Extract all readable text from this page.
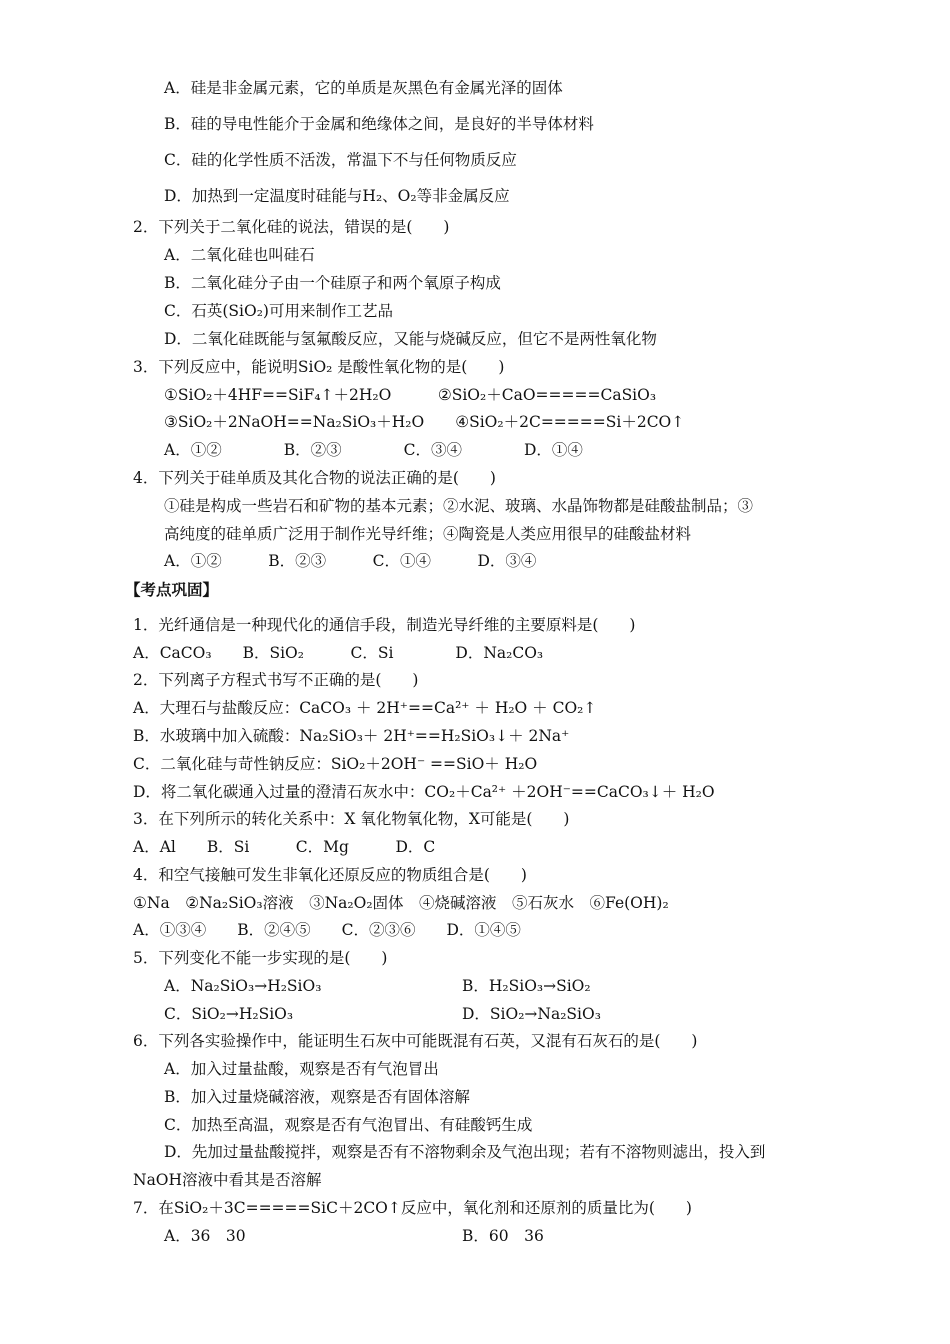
A．硅是非金属元素，它的单质是灰黑色有金属光泽的固体
B．硅的导电性能介于金属和绝缘体之间，是良好的半导体材料
C．硅的化学性质不活泼，常温下不与任何物质反应
D．加热到一定温度时硅能与H₂、O₂等非金属反应
2．下列关于二氧化硅的说法，错误的是(　　)
A．二氧化硅也叫硅石
B．二氧化硅分子由一个硅原子和两个氧原子构成
C．石英(SiO₂)可用来制作工艺品
D．二氧化硅既能与氢氟酸反应，又能与烧碱反应，但它不是两性氧化物
3．下列反应中，能说明SiO₂ 是酸性氧化物的是(　　)
①SiO₂＋4HF==SiF₄↑＋2H₂O　　　②SiO₂＋CaO=====CaSiO₃
③SiO₂＋2NaOH==Na₂SiO₃＋H₂O　　④SiO₂＋2C=====Si＋2CO↑
A．①②　　　　B．②③　　　　C．③④　　　　D．①④
4．下列关于硅单质及其化合物的说法正确的是(　　)
①硅是构成一些岩石和矿物的基本元素；②水泥、玻璃、水晶饰物都是硅酸盐制品；③
高纯度的硅单质广泛用于制作光导纤维；④陶瓷是人类应用很早的硅酸盐材料
A．①②　　　B．②③　　　C．①④　　　D．③④
【考点巩固】
1．光纤通信是一种现代化的通信手段，制造光导纤维的主要原料是(　　)
A．CaCO₃　　B．SiO₂　　　C．Si　　　　D．Na₂CO₃
2．下列离子方程式书写不正确的是(　　)
A．大理石与盐酸反应：CaCO₃ ＋ 2H⁺==Ca²⁺ ＋ H₂O ＋ CO₂↑
B．水玻璃中加入硫酸：Na₂SiO₃＋ 2H⁺==H₂SiO₃↓＋ 2Na⁺
C．二氧化硅与苛性钠反应：SiO₂＋2OH⁻ ==SiO＋ H₂O
D．将二氧化碳通入过量的澄清石灰水中：CO₂＋Ca²⁺ ＋2OH⁻==CaCO₃↓＋ H₂O
3．在下列所示的转化关系中：X 氧化物氧化物，X可能是(　　)
A．Al　　B．Si　　　C．Mg　　　D．C
4．和空气接触可发生非氧化还原反应的物质组合是(　　)
①Na　②Na₂SiO₃溶液　③Na₂O₂固体　④烧碱溶液　⑤石灰水　⑥Fe(OH)₂
A．①③④　　B．②④⑤　　C．②③⑥　　D．①④⑤
5．下列变化不能一步实现的是(　　)
A．Na₂SiO₃→H₂SiO₃	B．H₂SiO₃→SiO₂
C．SiO₂→H₂SiO₃	D．SiO₂→Na₂SiO₃
6．下列各实验操作中，能证明生石灰中可能既混有石英，又混有石灰石的是(　　)
A．加入过量盐酸，观察是否有气泡冒出
B．加入过量烧碱溶液，观察是否有固体溶解
C．加热至高温，观察是否有气泡冒出、有硅酸钙生成
D．先加过量盐酸搅拌，观察是否有不溶物剩余及气泡出现；若有不溶物则滤出，投入到
NaOH溶液中看其是否溶解
7．在SiO₂＋3C=====SiC＋2CO↑反应中，氧化剂和还原剂的质量比为(　　)
A．36　30	B．60　36
